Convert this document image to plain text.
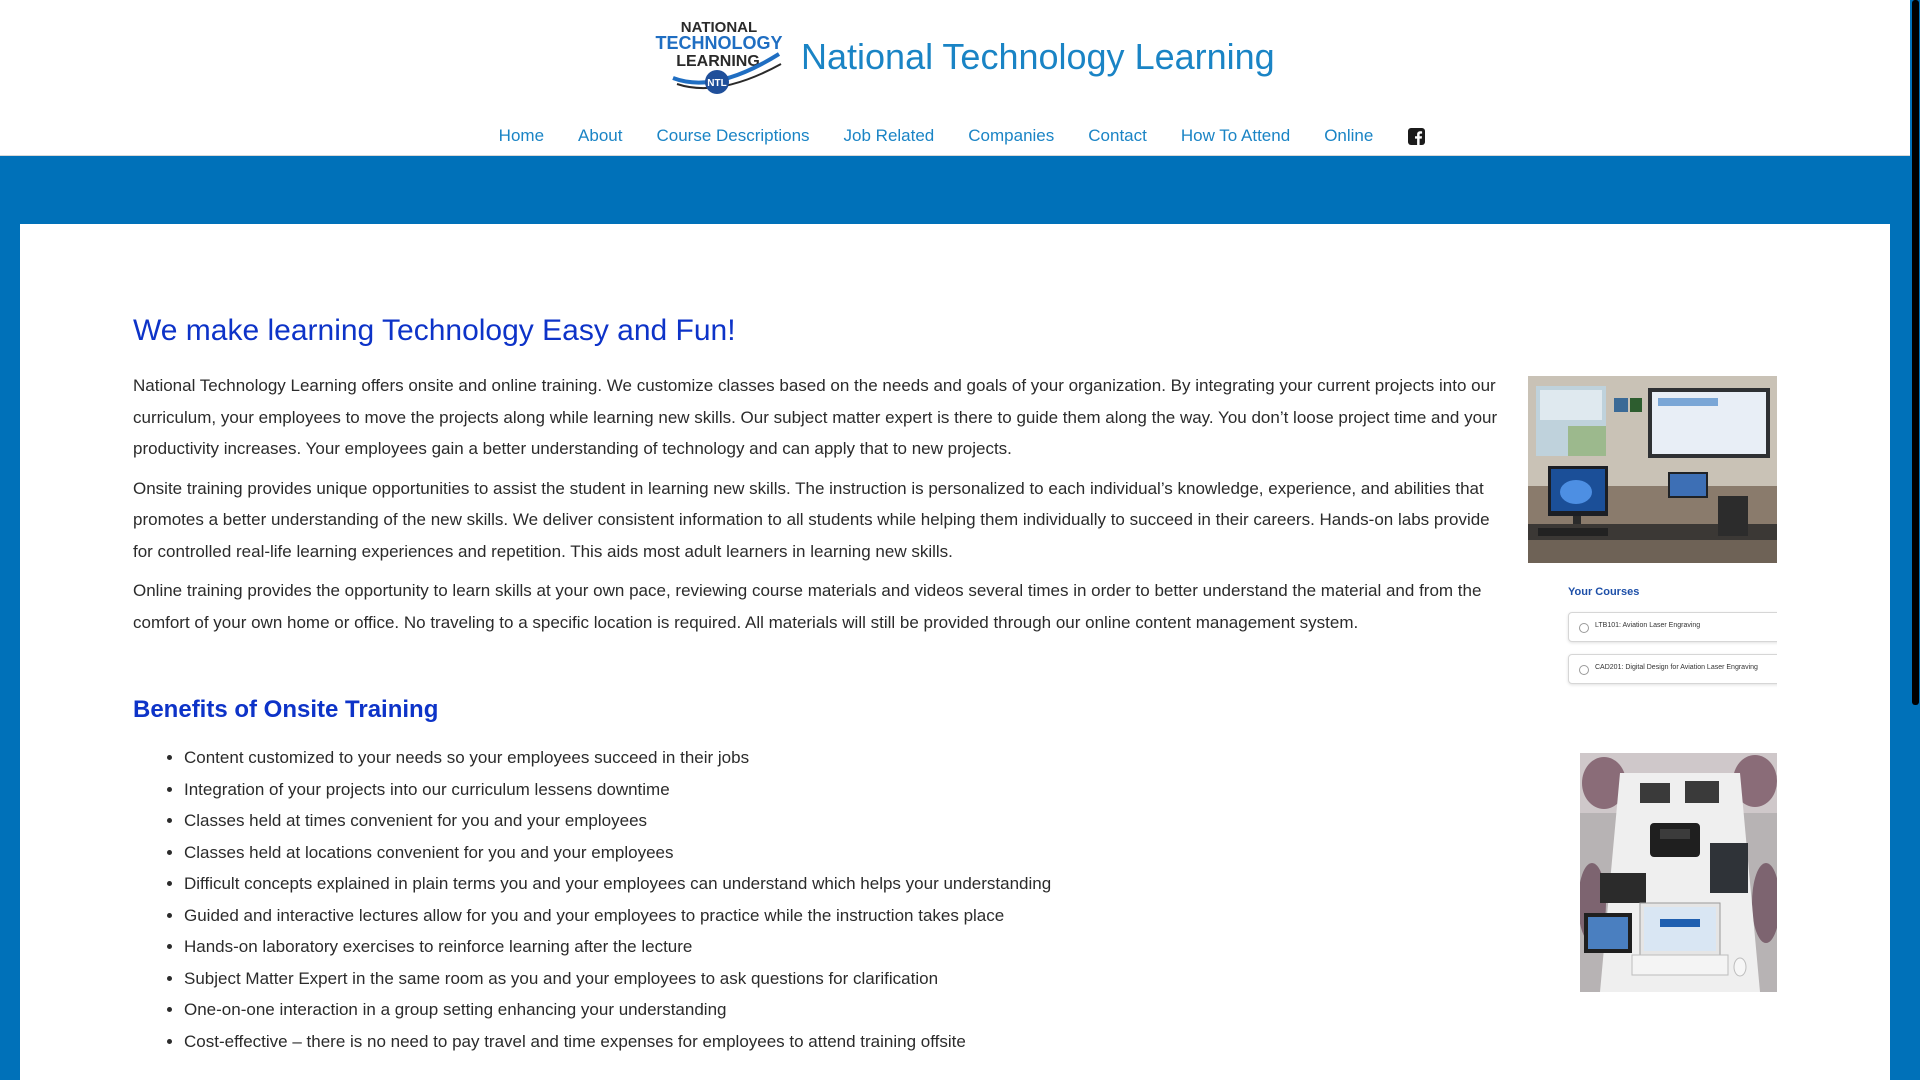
NATIONAL
TECHNOLOGY
LEARNING
NTL
National Technology Learning
Home About Course Descriptions Job Related Companies Contact How To Attend Online
We make learning Technology Easy and Fun!

National Technology Learning offers onsite and online training. We customize classes based on the needs and goals of your organization. By integrating your current projects into our curriculum, your employees to move the projects along while learning new skills. Our subject matter expert is there to guide them along the way. You don’t loose project time and your productivity increases. Your employees gain a better understanding of technology and can apply that to new projects.

Onsite training provides unique opportunities to assist the student in learning new skills. The instruction is personalized to each individual’s knowledge, experience, and abilities that promotes a better understanding of the new skills. We deliver consistent information to all students while helping them individually to succeed in their careers. Hands-on labs provide for controlled real-life learning experiences and repetition. This aids most adult learners in learning new skills.

Online training provides the opportunity to learn skills at your own pace, reviewing course materials and videos several times in order to better understand the material and from the comfort of your own home or office. No traveling to a specific location is required. All materials will still be provided through our online content management system.

Benefits of Onsite Training
• Content customized to your needs so your employees succeed in their jobs
• Integration of your projects into our curriculum lessens downtime
• Classes held at times convenient for you and your employees
• Classes held at locations convenient for you and your employees
• Difficult concepts explained in plain terms you and your employees can understand which helps your understanding
• Guided and interactive lectures allow for you and your employees to practice while the instruction takes place
• Hands-on laboratory exercises to reinforce learning after the lecture
• Subject Matter Expert in the same room as you and your employees to ask questions for clarification
• One-on-one interaction in a group setting enhancing your understanding
• Cost-effective – there is no need to pay travel and time expenses for employees to attend training offsite
Your Courses
LTB101: Aviation Laser Engraving
CAD201: Digital Design for Aviation Laser Engraving
